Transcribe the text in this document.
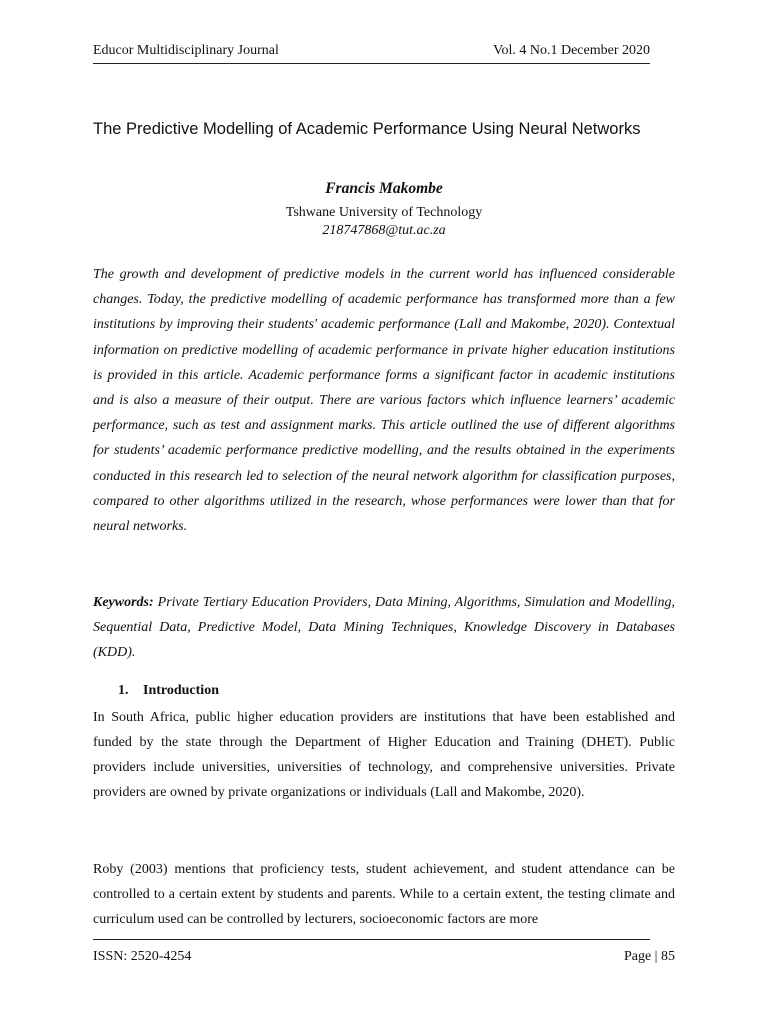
Educor Multidisciplinary Journal	Vol. 4 No.1 December 2020
The Predictive Modelling of Academic Performance Using Neural Networks
Francis Makombe
Tshwane University of Technology
218747868@tut.ac.za

The growth and development of predictive models in the current world has influenced considerable changes. Today, the predictive modelling of academic performance has transformed more than a few institutions by improving their students' academic performance (Lall and Makombe, 2020). Contextual information on predictive modelling of academic performance in private higher education institutions is provided in this article. Academic performance forms a significant factor in academic institutions and is also a measure of their output. There are various factors which influence learners’ academic performance, such as test and assignment marks. This article outlined the use of different algorithms for students’ academic performance predictive modelling, and the results obtained in the experiments conducted in this research led to selection of the neural network algorithm for classification purposes, compared to other algorithms utilized in the research, whose performances were lower than that for neural networks.

Keywords: Private Tertiary Education Providers, Data Mining, Algorithms, Simulation and Modelling, Sequential Data, Predictive Model, Data Mining Techniques, Knowledge Discovery in Databases (KDD).

1. Introduction

In South Africa, public higher education providers are institutions that have been established and funded by the state through the Department of Higher Education and Training (DHET). Public providers include universities, universities of technology, and comprehensive universities. Private providers are owned by private organizations or individuals (Lall and Makombe, 2020).

Roby (2003) mentions that proficiency tests, student achievement, and student attendance can be controlled to a certain extent by students and parents. While to a certain extent, the testing climate and curriculum used can be controlled by lecturers, socioeconomic factors are more

ISSN: 2520-4254	Page | 85
